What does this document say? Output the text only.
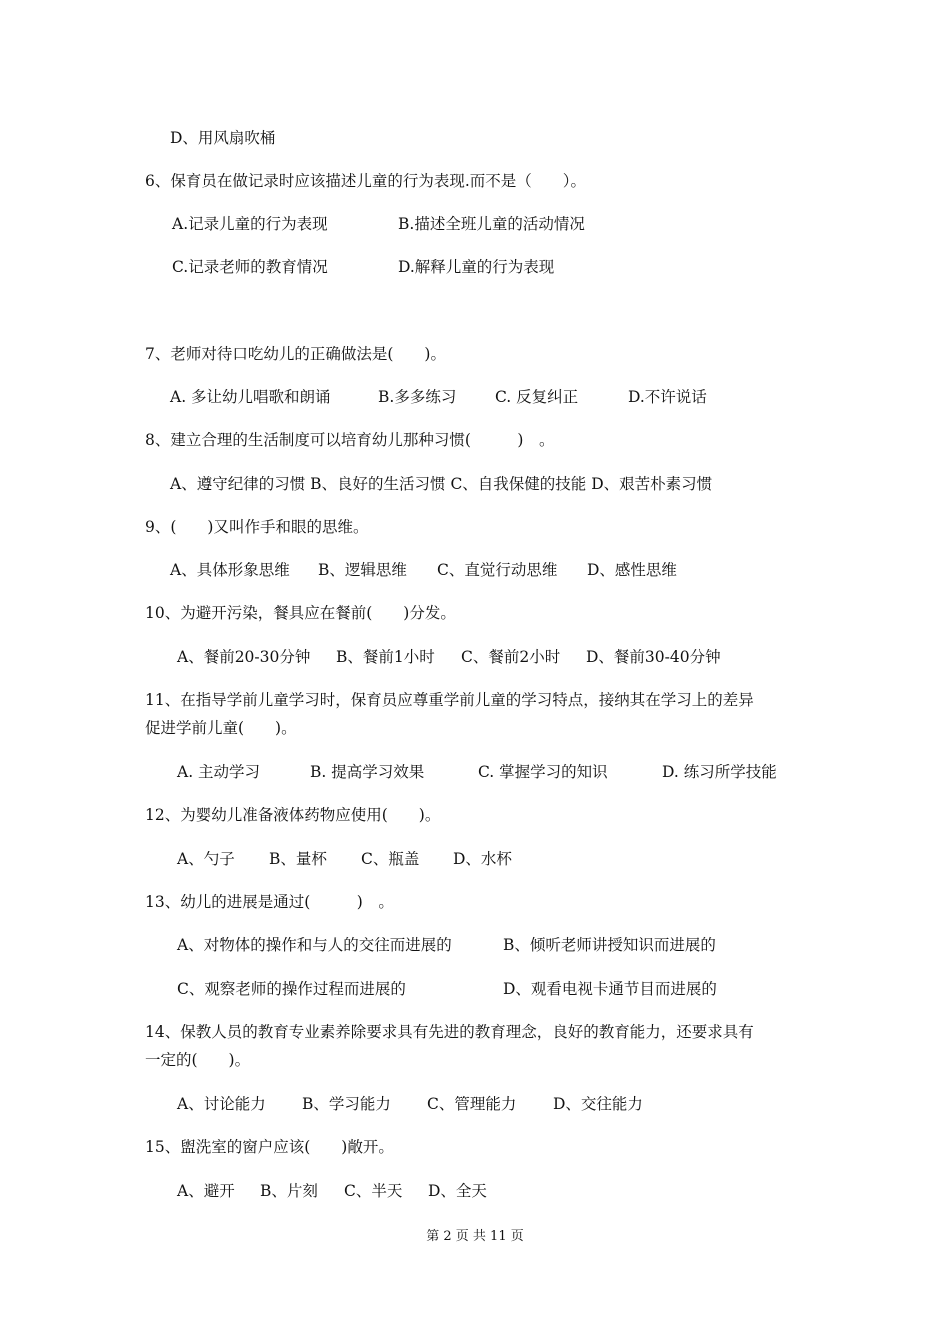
D、用风扇吹桶
6、保育员在做记录时应该描述儿童的行为表现.而不是（　　）。
A.记录儿童的行为表现	B.描述全班儿童的活动情况
C.记录老师的教育情况	D.解释儿童的行为表现
7、老师对待口吃幼儿的正确做法是(　　)。
A. 多让幼儿唱歌和朗诵	B.多多练习 C. 反复纠正	D.不许说话
8、建立合理的生活制度可以培育幼儿那种习惯(　　　)　。
A、遵守纪律的习惯 B、良好的生活习惯 C、自我保健的技能 D、艰苦朴素习惯
9、(　　)又叫作手和眼的思维。
A、具体形象思维 B、逻辑思维 C、直觉行动思维 D、感性思维
10、为避开污染，餐具应在餐前(　　)分发。
A、餐前20-30分钟 B、餐前1小时 C、餐前2小时 D、餐前30-40分钟
11、在指导学前儿童学习时，保育员应尊重学前儿童的学习特点，接纳其在学习上的差异
促进学前儿童(　　)。
A. 主动学习	B. 提高学习效果	C. 掌握学习的知识	D. 练习所学技能
12、为婴幼儿准备液体药物应使用(　　)。
A、勺子 B、量杯 C、瓶盖 D、水杯
13、幼儿的进展是通过(　　　)　。
A、对物体的操作和与人的交往而进展的	B、倾听老师讲授知识而进展的
C、观察老师的操作过程而进展的	D、观看电视卡通节目而进展的
14、保教人员的教育专业素养除要求具有先进的教育理念，良好的教育能力，还要求具有
一定的(　　)。
A、讨论能力 B、学习能力 C、管理能力 D、交往能力
15、盥洗室的窗户应该(　　)敞开。
A、避开 B、片刻 C、半天 D、全天
第 2 页 共 11 页
